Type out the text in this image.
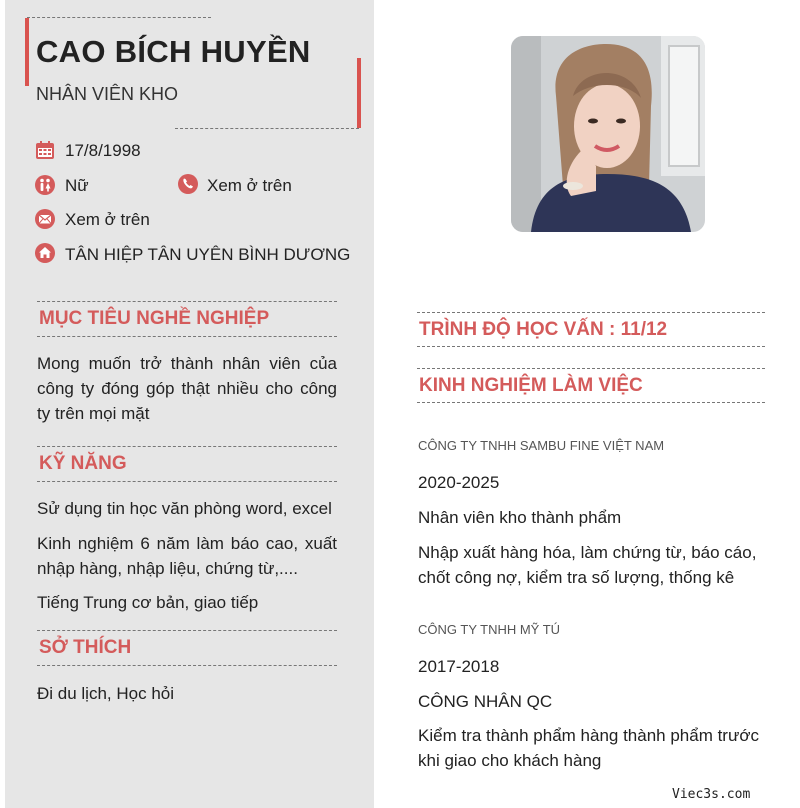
CAO BÍCH HUYỀN
NHÂN VIÊN KHO
17/8/1998
Nữ	Xem ở trên
Xem ở trên
TÂN HIỆP TÂN UYÊN BÌNH DƯƠNG
MỤC TIÊU NGHỀ NGHIỆP
Mong muốn trở thành nhân viên của công ty đóng góp thật nhiều cho công ty trên mọi mặt
KỸ NĂNG
Sử dụng tin học văn phòng word, excel
Kinh nghiệm 6 năm làm báo cao, xuất nhập hàng, nhập liệu, chứng từ,....
Tiếng Trung cơ bản, giao tiếp
SỞ THÍCH
Đi du lịch, Học hỏi
TRÌNH ĐỘ HỌC VẤN : 11/12
KINH NGHIỆM LÀM VIỆC
CÔNG TY TNHH SAMBU FINE VIỆT NAM
2020-2025
Nhân viên kho thành phẩm
Nhập xuất hàng hóa, làm chứng từ, báo cáo, chốt công nợ, kiểm tra số lượng, thống kê
CÔNG TY TNHH MỸ TÚ
2017-2018
CÔNG NHÂN QC
Kiểm tra thành phẩm hàng thành phẩm trước khi giao cho khách hàng
Viec3s.com
